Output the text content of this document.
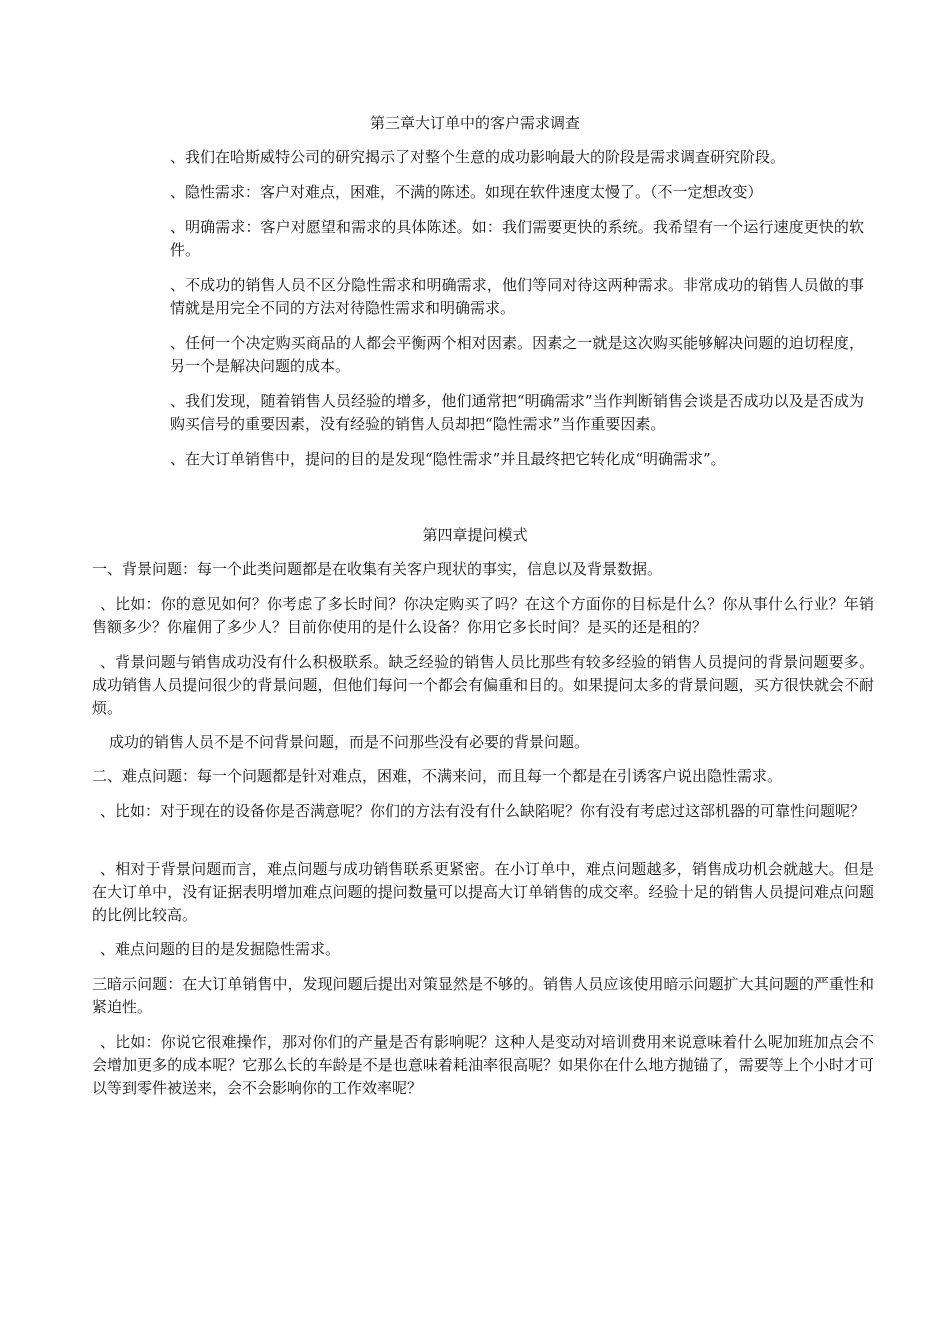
第三章大订单中的客户需求调查

、我们在哈斯威特公司的研究揭示了对整个生意的成功影响最大的阶段是需求调查研究阶段。

、隐性需求：客户对难点，困难，不满的陈述。如现在软件速度太慢了。（不一定想改变）

、明确需求：客户对愿望和需求的具体陈述。如：我们需要更快的系统。我希望有一个运行速度更快的软件。

、不成功的销售人员不区分隐性需求和明确需求，他们等同对待这两种需求。非常成功的销售人员做的事情就是用完全不同的方法对待隐性需求和明确需求。

、任何一个决定购买商品的人都会平衡两个相对因素。因素之一就是这次购买能够解决问题的迫切程度，另一个是解决问题的成本。

、我们发现，随着销售人员经验的增多，他们通常把“明确需求”当作判断销售会谈是否成功以及是否成为购买信号的重要因素，没有经验的销售人员却把“隐性需求”当作重要因素。

、在大订单销售中，提问的目的是发现“隐性需求”并且最终把它转化成“明确需求”。

第四章提问模式

一、背景问题：每一个此类问题都是在收集有关客户现状的事实，信息以及背景数据。

、比如：你的意见如何？你考虑了多长时间？你决定购买了吗？在这个方面你的目标是什么？你从事什么行业？年销售额多少？你雇佣了多少人？目前你使用的是什么设备？你用它多长时间？是买的还是租的？

、背景问题与销售成功没有什么积极联系。缺乏经验的销售人员比那些有较多经验的销售人员提问的背景问题要多。成功销售人员提问很少的背景问题，但他们每问一个都会有偏重和目的。如果提问太多的背景问题，买方很快就会不耐烦。

成功的销售人员不是不问背景问题，而是不问那些没有必要的背景问题。

二、难点问题：每一个问题都是针对难点，困难，不满来问，而且每一个都是在引诱客户说出隐性需求。

、比如：对于现在的设备你是否满意呢？你们的方法有没有什么缺陷呢？你有没有考虑过这部机器的可靠性问题呢？

、相对于背景问题而言，难点问题与成功销售联系更紧密。在小订单中，难点问题越多，销售成功机会就越大。但是在大订单中，没有证据表明增加难点问题的提问数量可以提高大订单销售的成交率。经验十足的销售人员提问难点问题的比例比较高。

、难点问题的目的是发掘隐性需求。

三暗示问题：在大订单销售中，发现问题后提出对策显然是不够的。销售人员应该使用暗示问题扩大其问题的严重性和紧迫性。

、比如：你说它很难操作，那对你们的产量是否有影响呢？这种人是变动对培训费用来说意味着什么呢加班加点会不会增加更多的成本呢？它那么长的车龄是不是也意味着耗油率很高呢？如果你在什么地方抛锚了，需要等上个小时才可以等到零件被送来，会不会影响你的工作效率呢？
